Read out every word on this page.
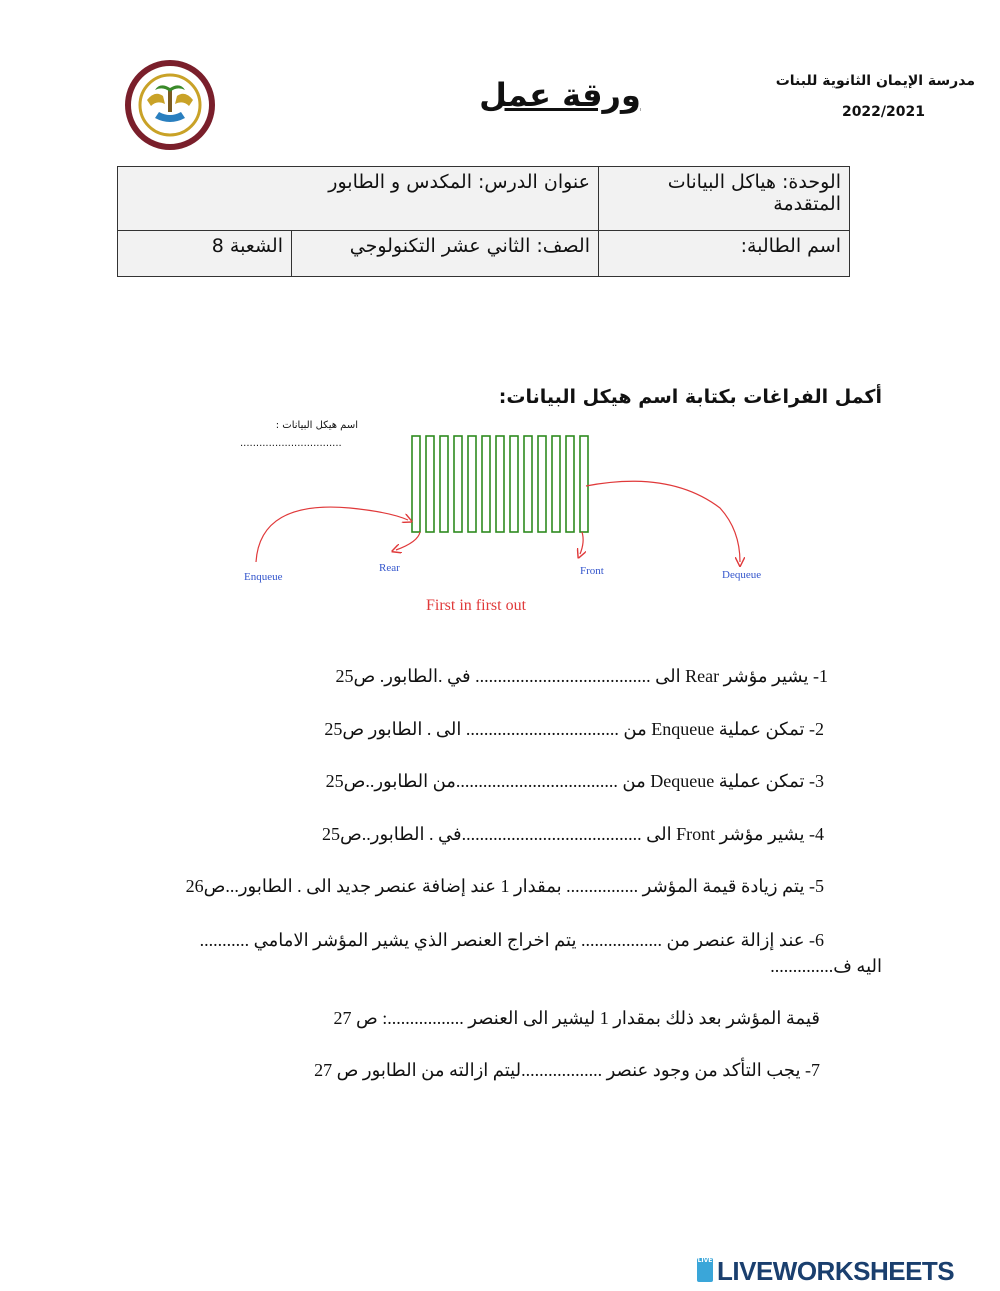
مدرسة الإيمان الثانوية للبنات
2022/2021
ورقة عمل
الوحدة: هياكل البيانات المتقدمة	عنوان الدرس: المكدس و الطابور	
اسم الطالبة:	الصف: الثاني عشر التكنولوجي	الشعبة 8
أكمل الفراغات بكتابة اسم هيكل البيانات:
اسم هيكل البيانات :
................................
Enqueue
Rear	Front	Dequeue
First in first out
1- يشير مؤشر Rear الى ....................................... في .الطابور. ص25
2- تمكن عملية Enqueue من .................................. الى . الطابور ص25
3- تمكن عملية Dequeue من ....................................من الطابور..ص25
4- يشير مؤشر Front الى ........................................في . الطابور..ص25
5- يتم زيادة قيمة المؤشر ................ بمقدار 1 عند إضافة عنصر جديد الى . الطابور...ص26
6- عند إزالة عنصر من .................. يتم اخراج العنصر الذي يشير المؤشر الامامي ...........
اليه ف..............
قيمة المؤشر بعد ذلك بمقدار 1 ليشير الى العنصر .................: ص 27
7- يجب التأكد من وجود عنصر ..................ليتم ازالته من الطابور ص 27
LIVE LIVEWORKSHEETS
